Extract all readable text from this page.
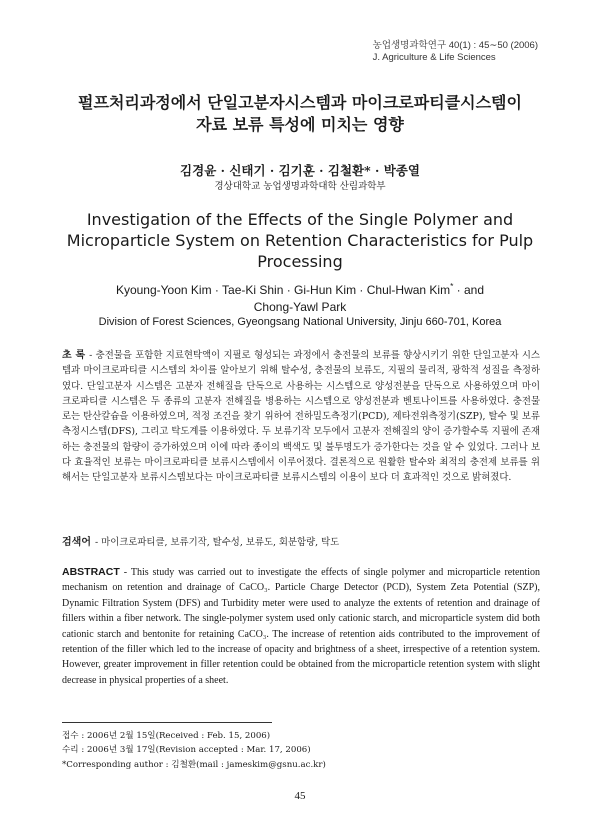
농업생명과학연구 40(1) : 45∼50 (2006)
J. Agriculture & Life Sciences
펄프처리과정에서 단일고분자시스템과 마이크로파티클시스템이
자료 보류 특성에 미치는 영향
김경윤 · 신태기 · 김기훈 · 김철환* · 박종열
경상대학교 농업생명과학대학 산림과학부
Investigation of the Effects of the Single Polymer and Microparticle System on Retention Characteristics for Pulp Processing
Kyoung-Yoon Kim · Tae-Ki Shin · Gi-Hun Kim · Chul-Hwan Kim* · and
Chong-Yawl Park
Division of Forest Sciences, Gyeongsang National University, Jinju 660-701, Korea
초 록 - 충전물을 포함한 지료현탁액이 지필로 형성되는 과정에서 충전물의 보류를 향상시키기 위한 단일고분자 시스템과 마이크로파티클 시스템의 차이를 알아보기 위해 탈수성, 충전물의 보류도, 지필의 물리적, 광학적 성질을 측정하였다. 단일고분자 시스템은 고분자 전해질을 단독으로 사용하는 시스템으로 양성전분을 단독으로 사용하였으며 마이크로파티클 시스템은 두 종류의 고분자 전해질을 병용하는 시스템으로 양성전분과 벤토나이트를 사용하였다. 충전물로는 탄산칼슘을 이용하였으며, 적정 조건을 찾기 위하여 전하밀도측정기(PCD), 제타전위측정기(SZP), 탈수 및 보류측정시스템(DFS), 그리고 탁도계를 이용하였다. 두 보류기작 모두에서 고분자 전해질의 양이 증가할수록 지필에 존재하는 충전물의 함량이 증가하였으며 이에 따라 종이의 백색도 및 불투명도가 증가한다는 것을 알 수 있었다. 그러나 보다 효율적인 보류는 마이크로파티클 보류시스템에서 이루어졌다. 결론적으로 원활한 탈수와 최적의 충전제 보류를 위해서는 단일고분자 보류시스템보다는 마이크로파티클 보류시스템의 이용이 보다 더 효과적인 것으로 밝혀졌다.
검색어 - 마이크로파티클, 보류기작, 탈수성, 보류도, 회분함량, 탁도
ABSTRACT - This study was carried out to investigate the effects of single polymer and microparticle retention mechanism on retention and drainage of CaCO₃. Particle Charge Detector (PCD), System Zeta Potential (SZP), Dynamic Filtration System (DFS) and Turbidity meter were used to analyze the extents of retention and drainage of fillers within a fiber network. The single-polymer system used only cationic starch, and microparticle system did both cationic starch and bentonite for retaining CaCO₃. The increase of retention aids contributed to the improvement of retention of the filler which led to the increase of opacity and brightness of a sheet, irrespective of a retention system. However, greater improvement in filler retention could be obtained from the microparticle retention system with slight decrease in physical properties of a sheet.
접수 : 2006년 2월 15일(Received : Feb. 15, 2006)
수리 : 2006년 3월 17일(Revision accepted : Mar. 17, 2006)
*Corresponding author : 김철환(mail : jameskim@gsnu.ac.kr)
45
